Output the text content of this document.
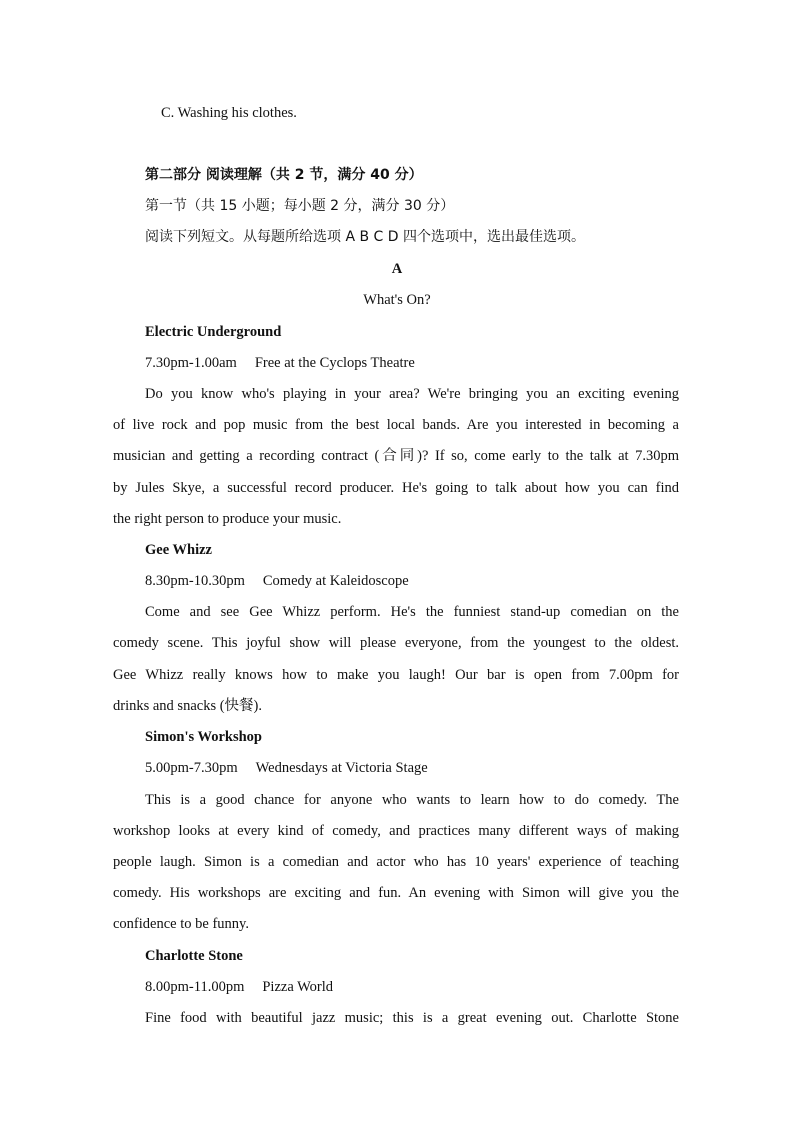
C. Washing his clothes.
第二部分 阅读理解（共 2 节，满分 40 分）
第一节（共 15 小题；每小题 2 分，满分 30 分）
阅读下列短文。从每题所给选项 A B C D 四个选项中，选出最佳选项。
A
What's On?
Electric Underground
7.30pm-1.00am Free at the Cyclops Theatre
Do you know who's playing in your area? We're bringing you an exciting evening
of live rock and pop music from the best local bands. Are you interested in becoming a
musician and getting a recording contract (合同)? If so, come early to the talk at 7.30pm
by Jules Skye, a successful record producer. He's going to talk about how you can find
the right person to produce your music.
Gee Whizz
8.30pm-10.30pm Comedy at Kaleidoscope
Come and see Gee Whizz perform. He's the funniest stand-up comedian on the
comedy scene. This joyful show will please everyone, from the youngest to the oldest.
Gee Whizz really knows how to make you laugh! Our bar is open from 7.00pm for
drinks and snacks (快餐).
Simon's Workshop
5.00pm-7.30pm Wednesdays at Victoria Stage
This is a good chance for anyone who wants to learn how to do comedy. The
workshop looks at every kind of comedy, and practices many different ways of making
people laugh. Simon is a comedian and actor who has 10 years' experience of teaching
comedy. His workshops are exciting and fun. An evening with Simon will give you the
confidence to be funny.
Charlotte Stone
8.00pm-11.00pm Pizza World
Fine food with beautiful jazz music; this is a great evening out. Charlotte Stone
